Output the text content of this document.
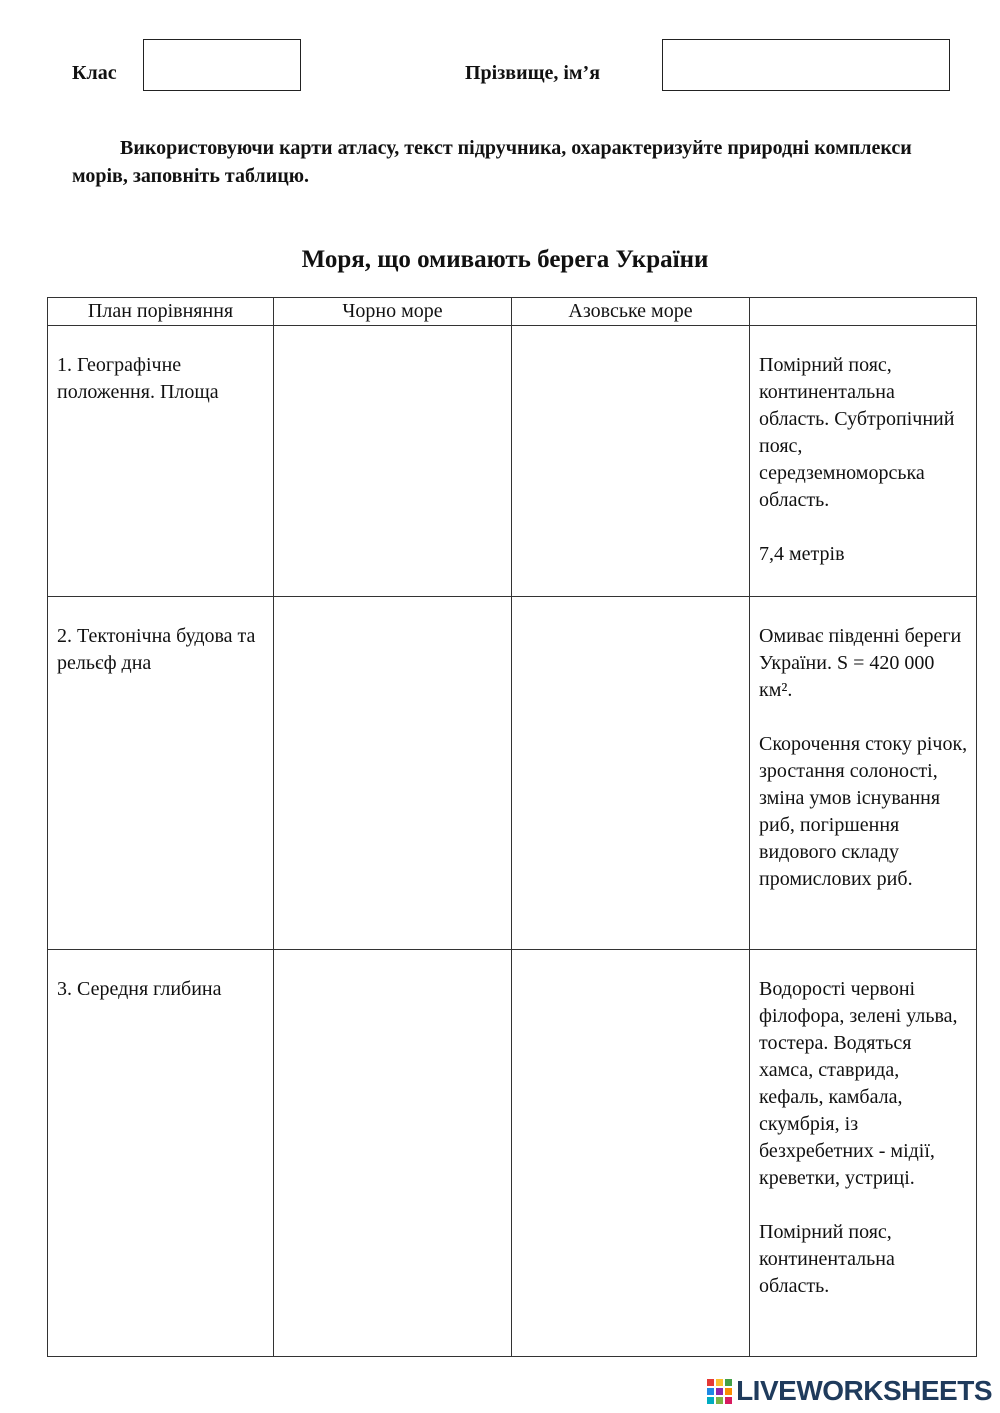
Клас	Прізвище, ім’я
Використовуючи карти атласу, текст підручника, охарактеризуйте природні комплекси морів, заповніть таблицю.
Моря, що омивають берега України
План порівняння	Чорно море	Азовське море	
1. Географічне положення. Площа			Помірний пояс, континентальна область. Субтропічний пояс, середземноморська область.

7,4 метрів

2. Тектонічна будова та рельєф дна			Омиває південні береги України. S = 420 000 км².

Скорочення стоку річок, зростання солоності, зміна умов існування риб, погіршення видового складу промислових риб.

3. Середня глибина			Водорості червоні філофора, зелені ульва, тостера. Водяться хамса, ставрида, кефаль, камбала, скумбрія, із безхребетних - мідії, креветки, устриці.

Помірний пояс, континентальна область.

LIVEWORKSHEETS
